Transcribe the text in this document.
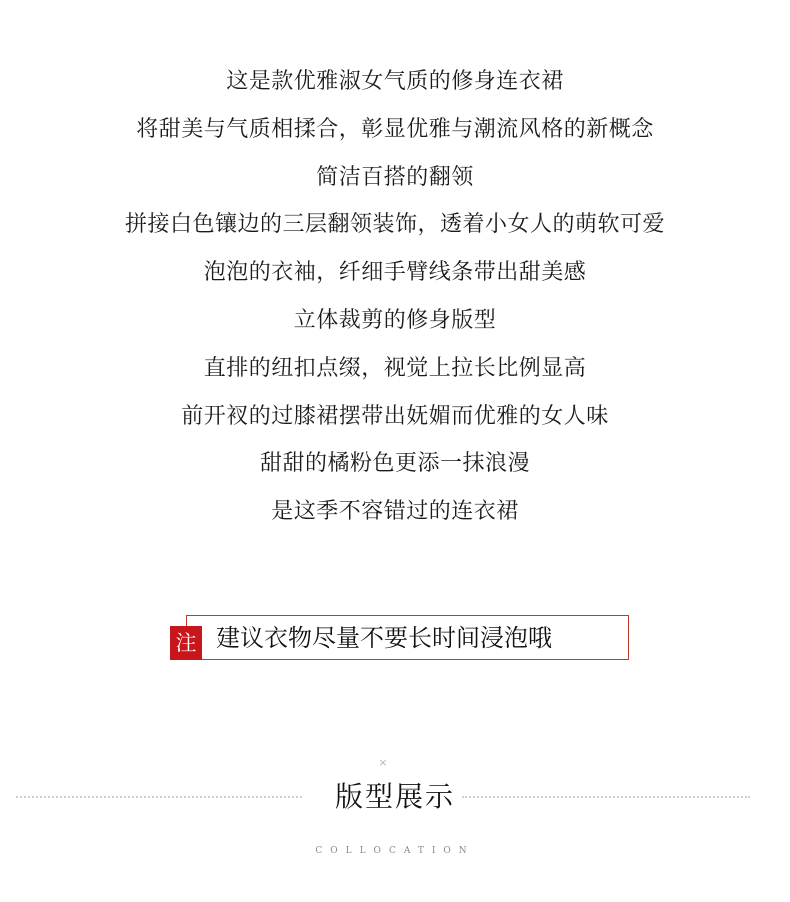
这是款优雅淑女气质的修身连衣裙
将甜美与气质相揉合，彰显优雅与潮流风格的新概念
简洁百搭的翻领
拼接白色镶边的三层翻领装饰，透着小女人的萌软可爱
泡泡的衣袖，纤细手臂线条带出甜美感
立体裁剪的修身版型
直排的纽扣点缀，视觉上拉长比例显高
前开衩的过膝裙摆带出妩媚而优雅的女人味
甜甜的橘粉色更添一抹浪漫
是这季不容错过的连衣裙
注 建议衣物尽量不要长时间浸泡哦
×
版型展示
COLLOCATION
